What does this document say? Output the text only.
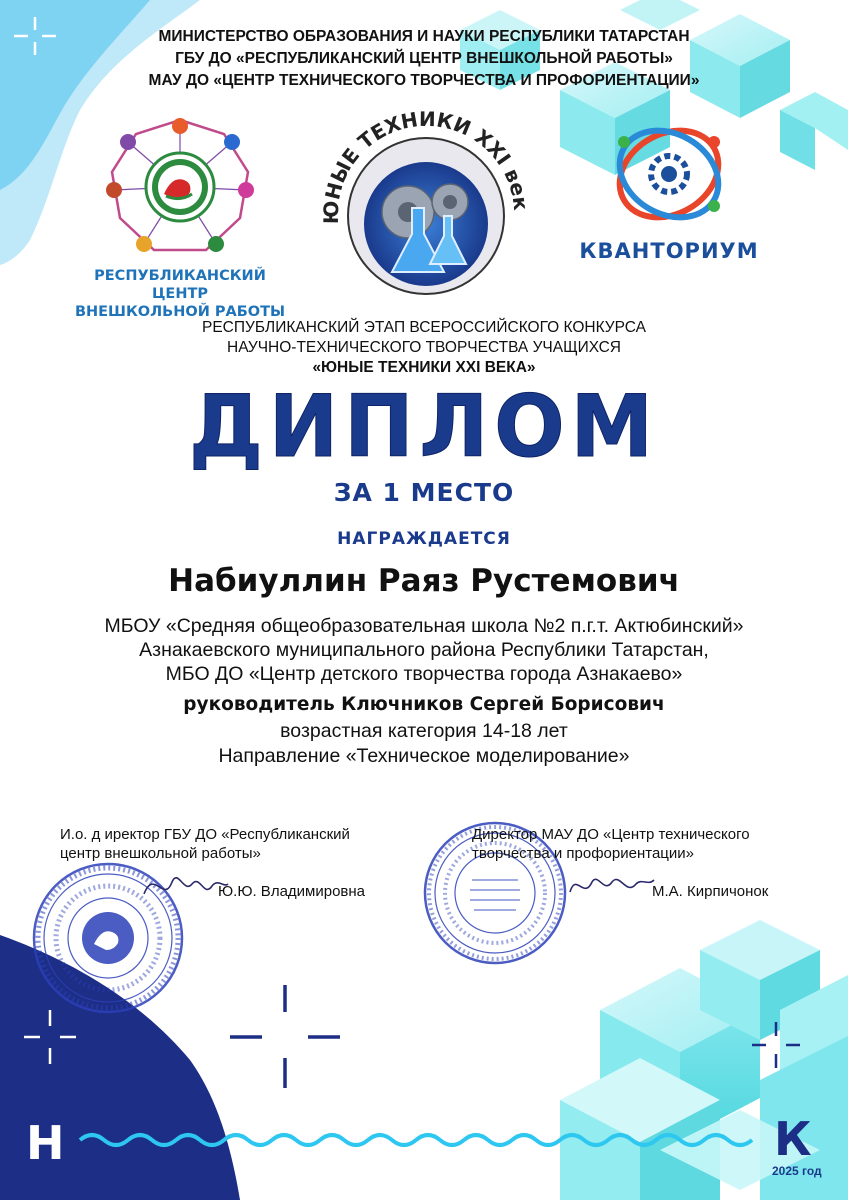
МИНИСТЕРСТВО ОБРАЗОВАНИЯ И НАУКИ РЕСПУБЛИКИ ТАТАРСТАН
ГБУ ДО «РЕСПУБЛИКАНСКИЙ ЦЕНТР ВНЕШКОЛЬНОЙ РАБОТЫ»
МАУ ДО «ЦЕНТР ТЕХНИЧЕСКОГО ТВОРЧЕСТВА И ПРОФОРИЕНТАЦИИ»
РЕСПУБЛИКАНСКИЙ ЦЕНТР
ВНЕШКОЛЬНОЙ РАБОТЫ
ЮНЫЕ ТЕХНИКИ XXI век
КВАНТОРИУМ
РЕСПУБЛИКАНСКИЙ ЭТАП ВСЕРОССИЙСКОГО КОНКУРСА
НАУЧНО-ТЕХНИЧЕСКОГО ТВОРЧЕСТВА УЧАЩИХСЯ
«ЮНЫЕ ТЕХНИКИ XXI ВЕКА»
ДИПЛОМ
ЗА 1 МЕСТО
НАГРАЖДАЕТСЯ
Набиуллин Раяз Рустемович
МБОУ «Средняя общеобразовательная школа №2 п.г.т. Актюбинский»
Азнакаевского муниципального района Республики Татарстан,
МБО ДО «Центр детского творчества города Азнакаево»
руководитель Ключников Сергей Борисович
возрастная категория 14-18 лет
Направление «Техническое моделирование»
И.о. д иректор ГБУ ДО «Республиканский
центр внешкольной работы»
Ю.Ю. Владимировна
Директор МАУ ДО «Центр технического
творчества и профориентации»
М.А. Кирпичонок
Н	К
2025 год
